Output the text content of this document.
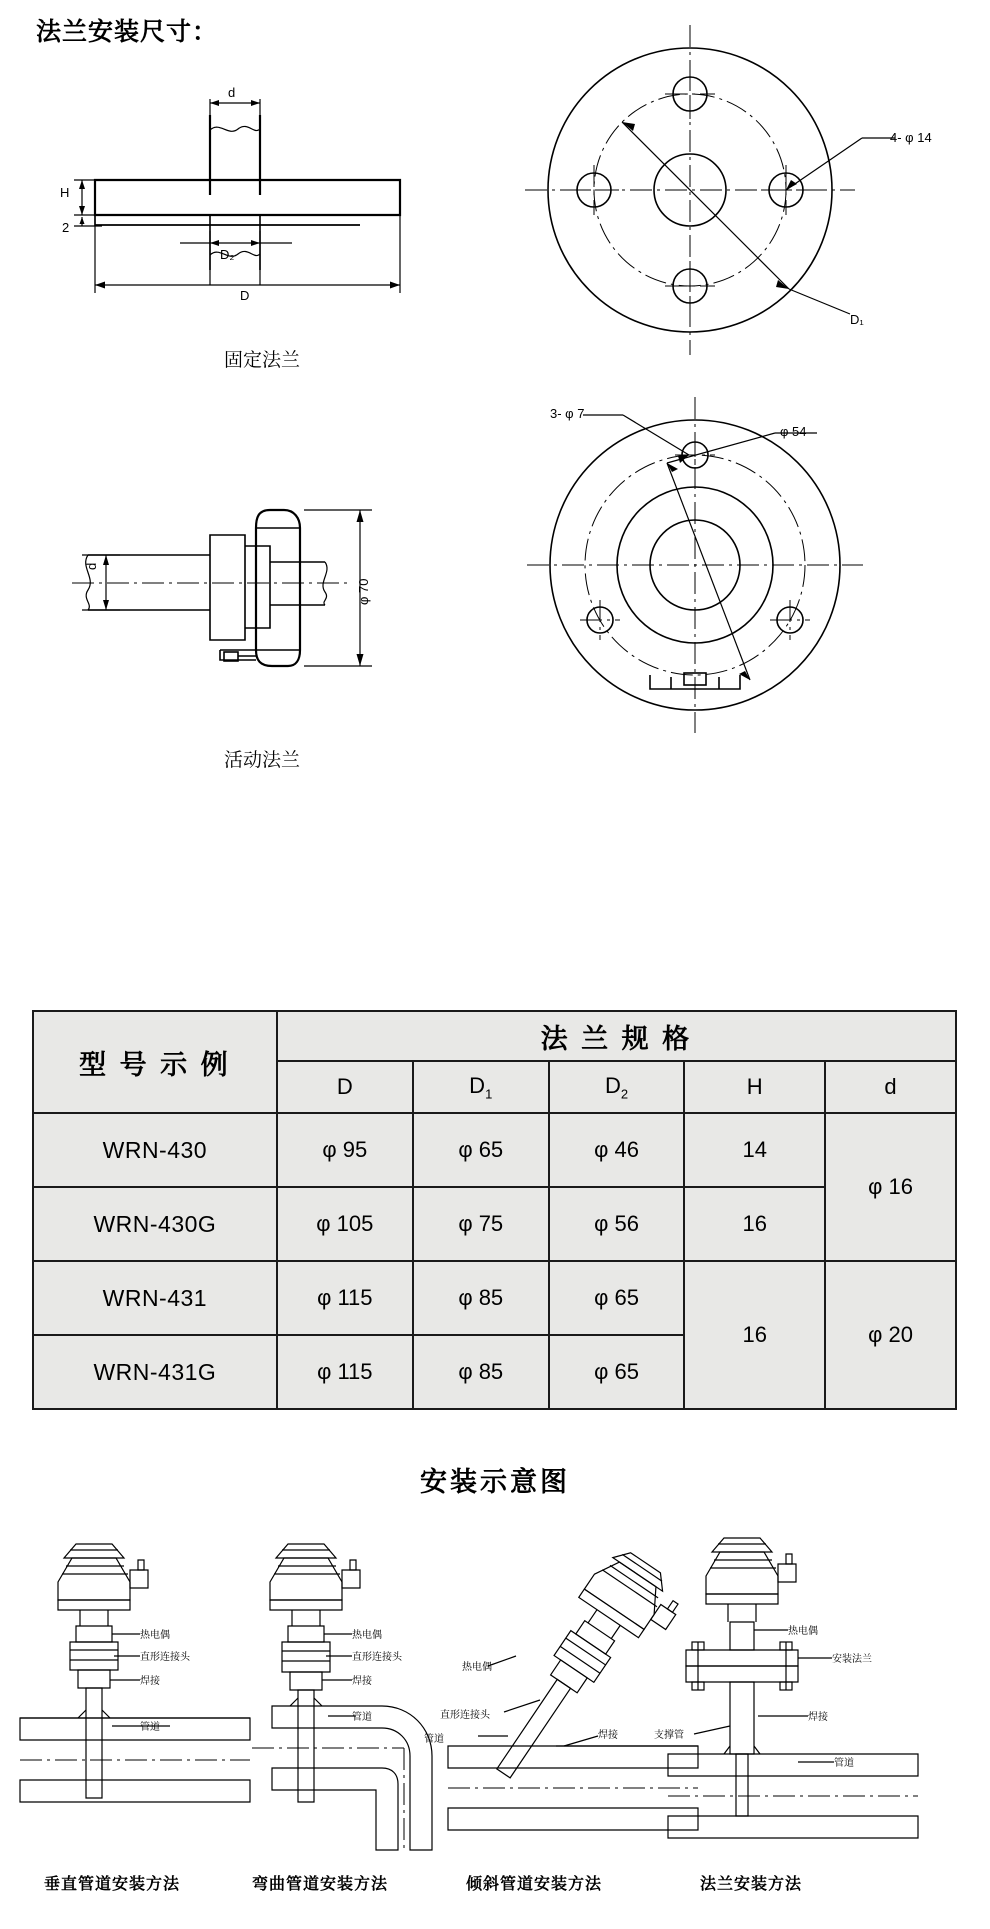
法兰安装尺寸：
d
H
2
D₂
D
固定法兰
4- φ 14
D₁
d
φ 70
活动法兰
3- φ 7
φ 54
型 号 示 例	法 兰 规 格				
	D	$D_1$	$D_2$	H	d
WRN-430	φ 95	φ 65	φ 46	14	φ 16
WRN-430G	φ 105	φ 75	φ 56	16	
WRN-431	φ 115	φ 85	φ 65	16	φ 20
WRN-431G	φ 115	φ 85	φ 65		
安装示意图
热电偶
直形连接头
焊接
管道
垂直管道安装方法
热电偶
直形连接头
焊接
管道
弯曲管道安装方法
热电偶
直形连接头
管道	焊接
倾斜管道安装方法
热电偶
安装法兰
焊接
支撑管
管道
法兰安装方法
